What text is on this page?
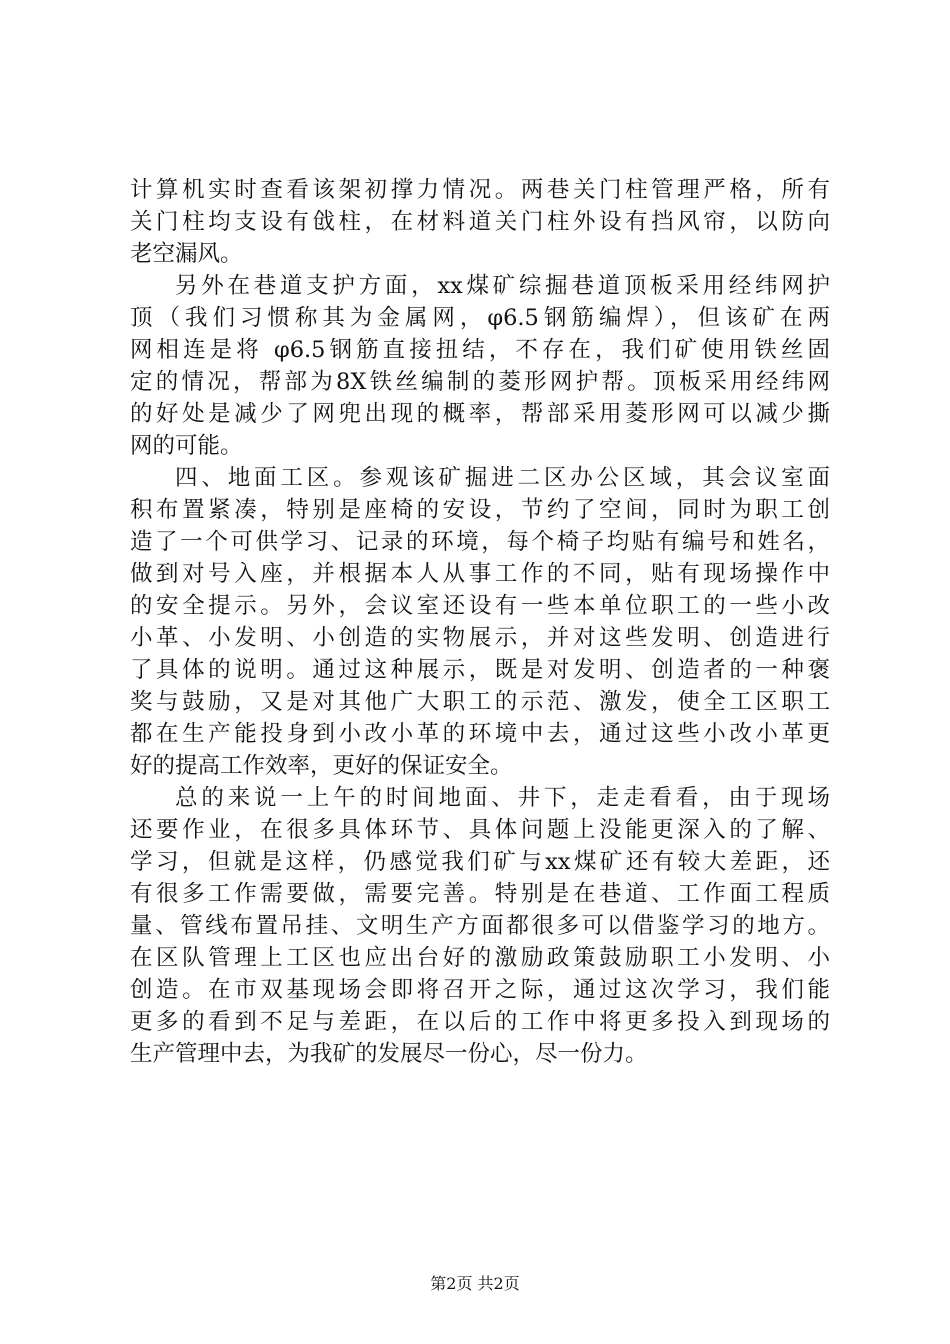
计算机实时查看该架初撑力情况。两巷关门柱管理严格，所有
关门柱均支设有戗柱，在材料道关门柱外设有挡风帘，以防向
老空漏风。
另外在巷道支护方面，xx煤矿综掘巷道顶板采用经纬网护
顶（我们习惯称其为金属网，φ6.5钢筋编焊），但该矿在两
网相连是将 φ6.5钢筋直接扭结，不存在，我们矿使用铁丝固
定的情况，帮部为8X铁丝编制的菱形网护帮。顶板采用经纬网
的好处是减少了网兜出现的概率，帮部采用菱形网可以减少撕
网的可能。
四、地面工区。参观该矿掘进二区办公区域，其会议室面
积布置紧凑，特别是座椅的安设，节约了空间，同时为职工创
造了一个可供学习、记录的环境，每个椅子均贴有编号和姓名，
做到对号入座，并根据本人从事工作的不同，贴有现场操作中
的安全提示。另外，会议室还设有一些本单位职工的一些小改
小革、小发明、小创造的实物展示，并对这些发明、创造进行
了具体的说明。通过这种展示，既是对发明、创造者的一种褒
奖与鼓励，又是对其他广大职工的示范、激发，使全工区职工
都在生产能投身到小改小革的环境中去，通过这些小改小革更
好的提高工作效率，更好的保证安全。
总的来说一上午的时间地面、井下，走走看看，由于现场
还要作业，在很多具体环节、具体问题上没能更深入的了解、
学习，但就是这样，仍感觉我们矿与xx煤矿还有较大差距，还
有很多工作需要做，需要完善。特别是在巷道、工作面工程质
量、管线布置吊挂、文明生产方面都很多可以借鉴学习的地方。
在区队管理上工区也应出台好的激励政策鼓励职工小发明、小
创造。在市双基现场会即将召开之际，通过这次学习，我们能
更多的看到不足与差距，在以后的工作中将更多投入到现场的
生产管理中去，为我矿的发展尽一份心，尽一份力。
第2页 共2页
